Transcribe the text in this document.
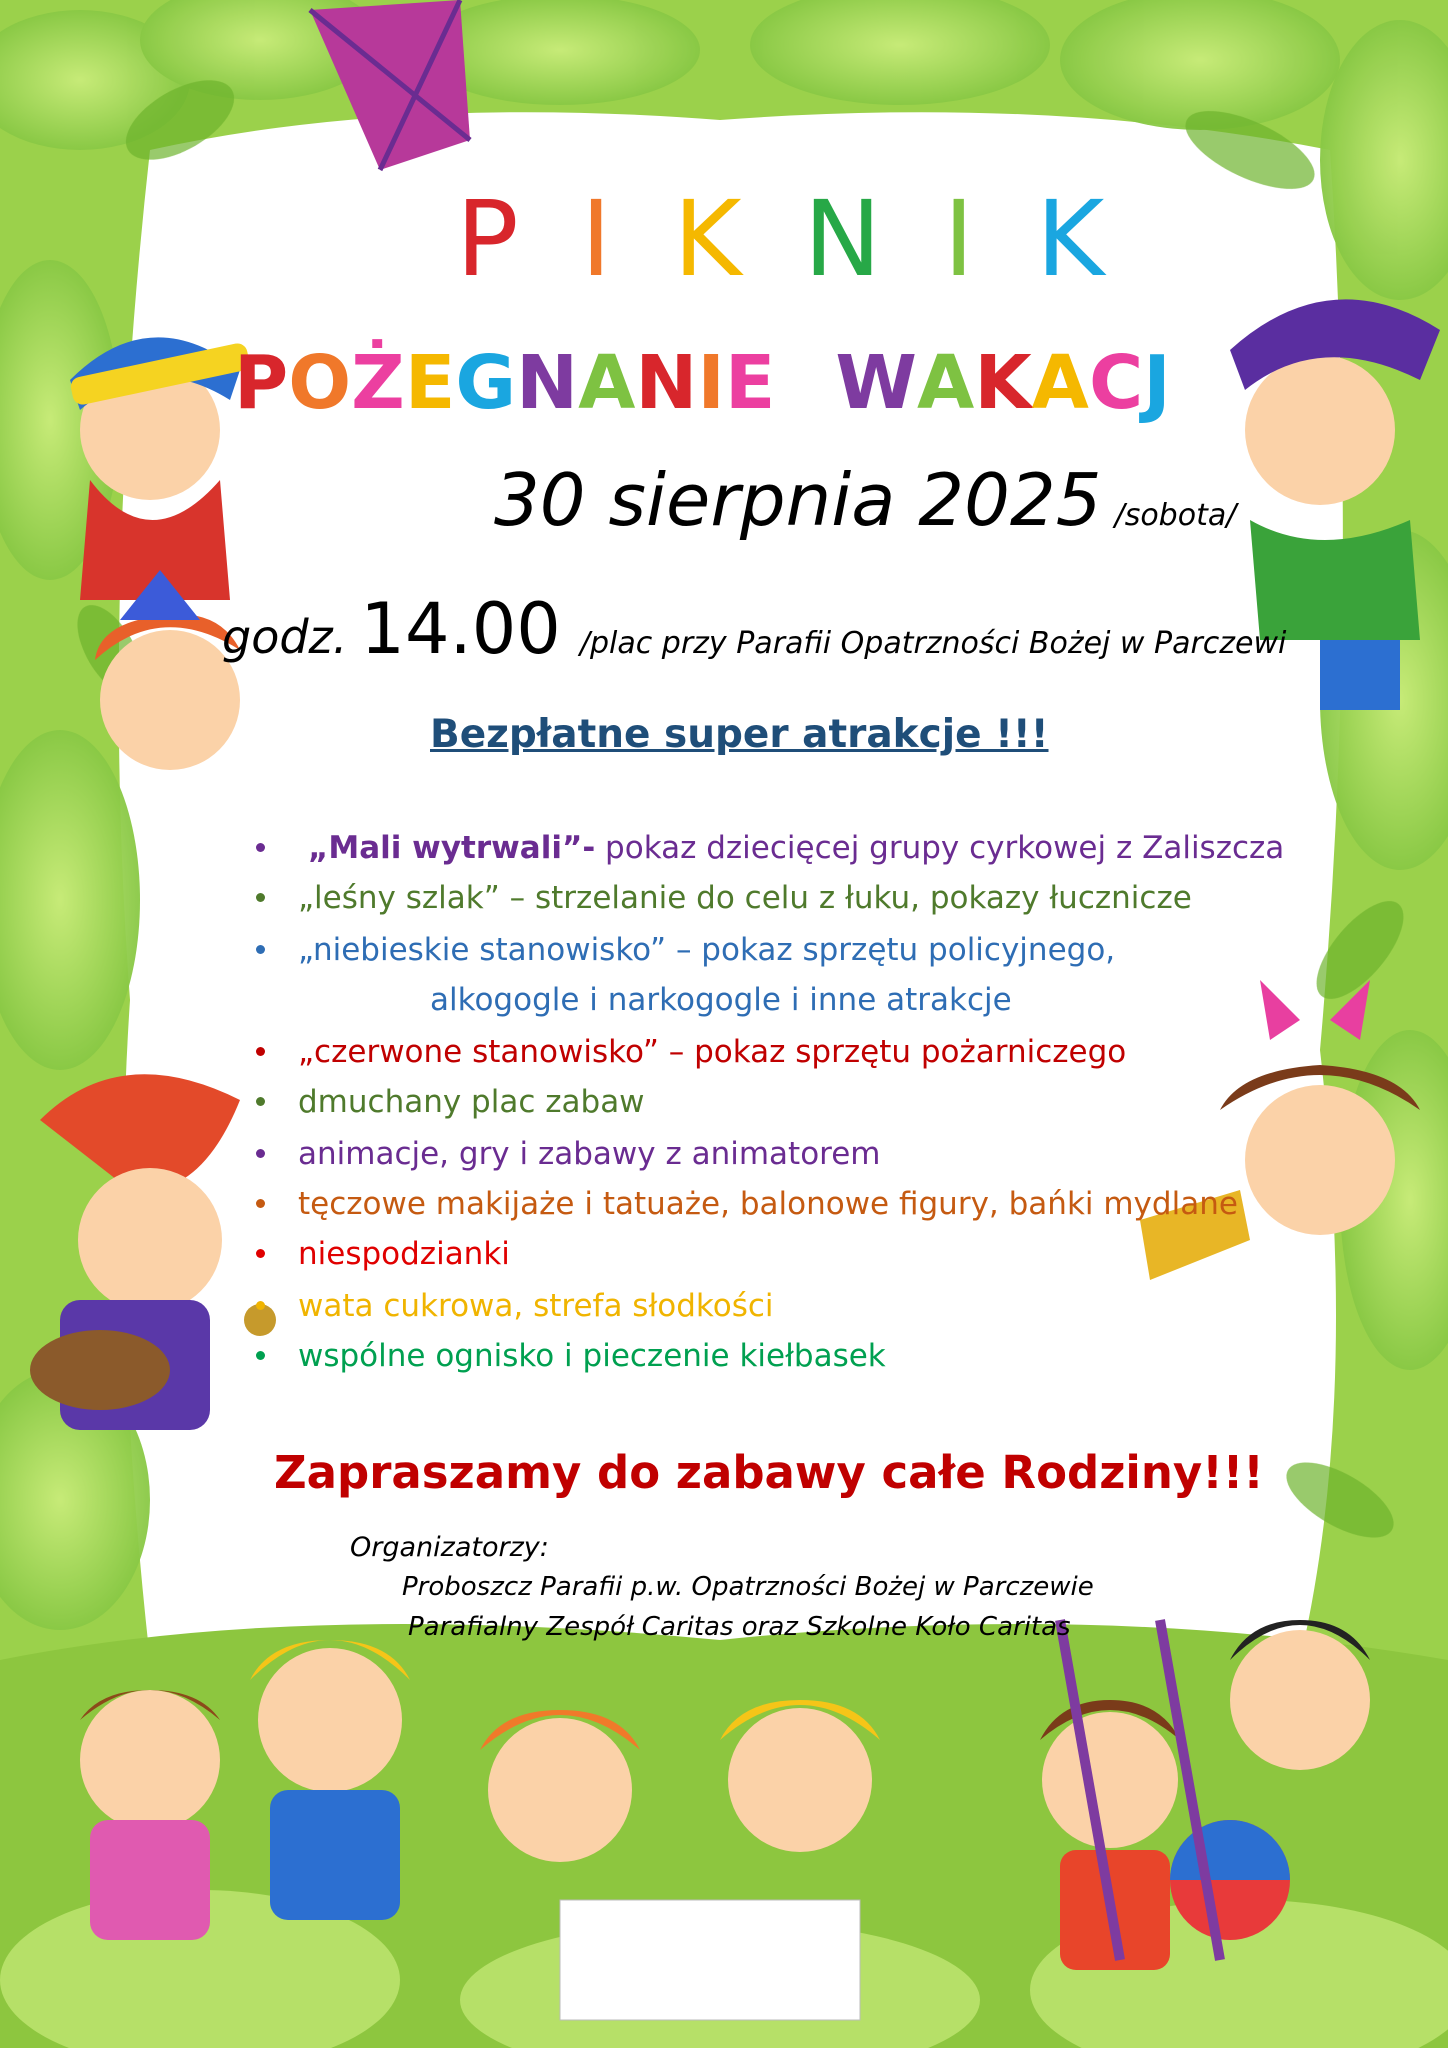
P I K N I K
POŻEGNANIE WAKACJ
30 sierpnia 2025 /sobota/
godz. 14.00 /plac przy Parafii Opatrzności Bożej w Parczewi
Bezpłatne super atrakcje !!!
„Mali wytrwali”- pokaz dziecięcej grupy cyrkowej z Zaliszcza
„leśny szlak” – strzelanie do celu z łuku, pokazy łucznicze
„niebieskie stanowisko” – pokaz sprzętu policyjnego,
alkogogle i narkogogle i inne atrakcje
„czerwone stanowisko” – pokaz sprzętu pożarniczego
dmuchany plac zabaw
animacje, gry i zabawy z animatorem
tęczowe makijaże i tatuaże, balonowe figury, bańki mydlane
niespodzianki
wata cukrowa, strefa słodkości
wspólne ognisko i pieczenie kiełbasek
Zapraszamy do zabawy całe Rodziny!!!
Organizatorzy:
Proboszcz Parafii p.w. Opatrzności Bożej w Parczewie
Parafialny Zespół Caritas oraz Szkolne Koło Caritas
